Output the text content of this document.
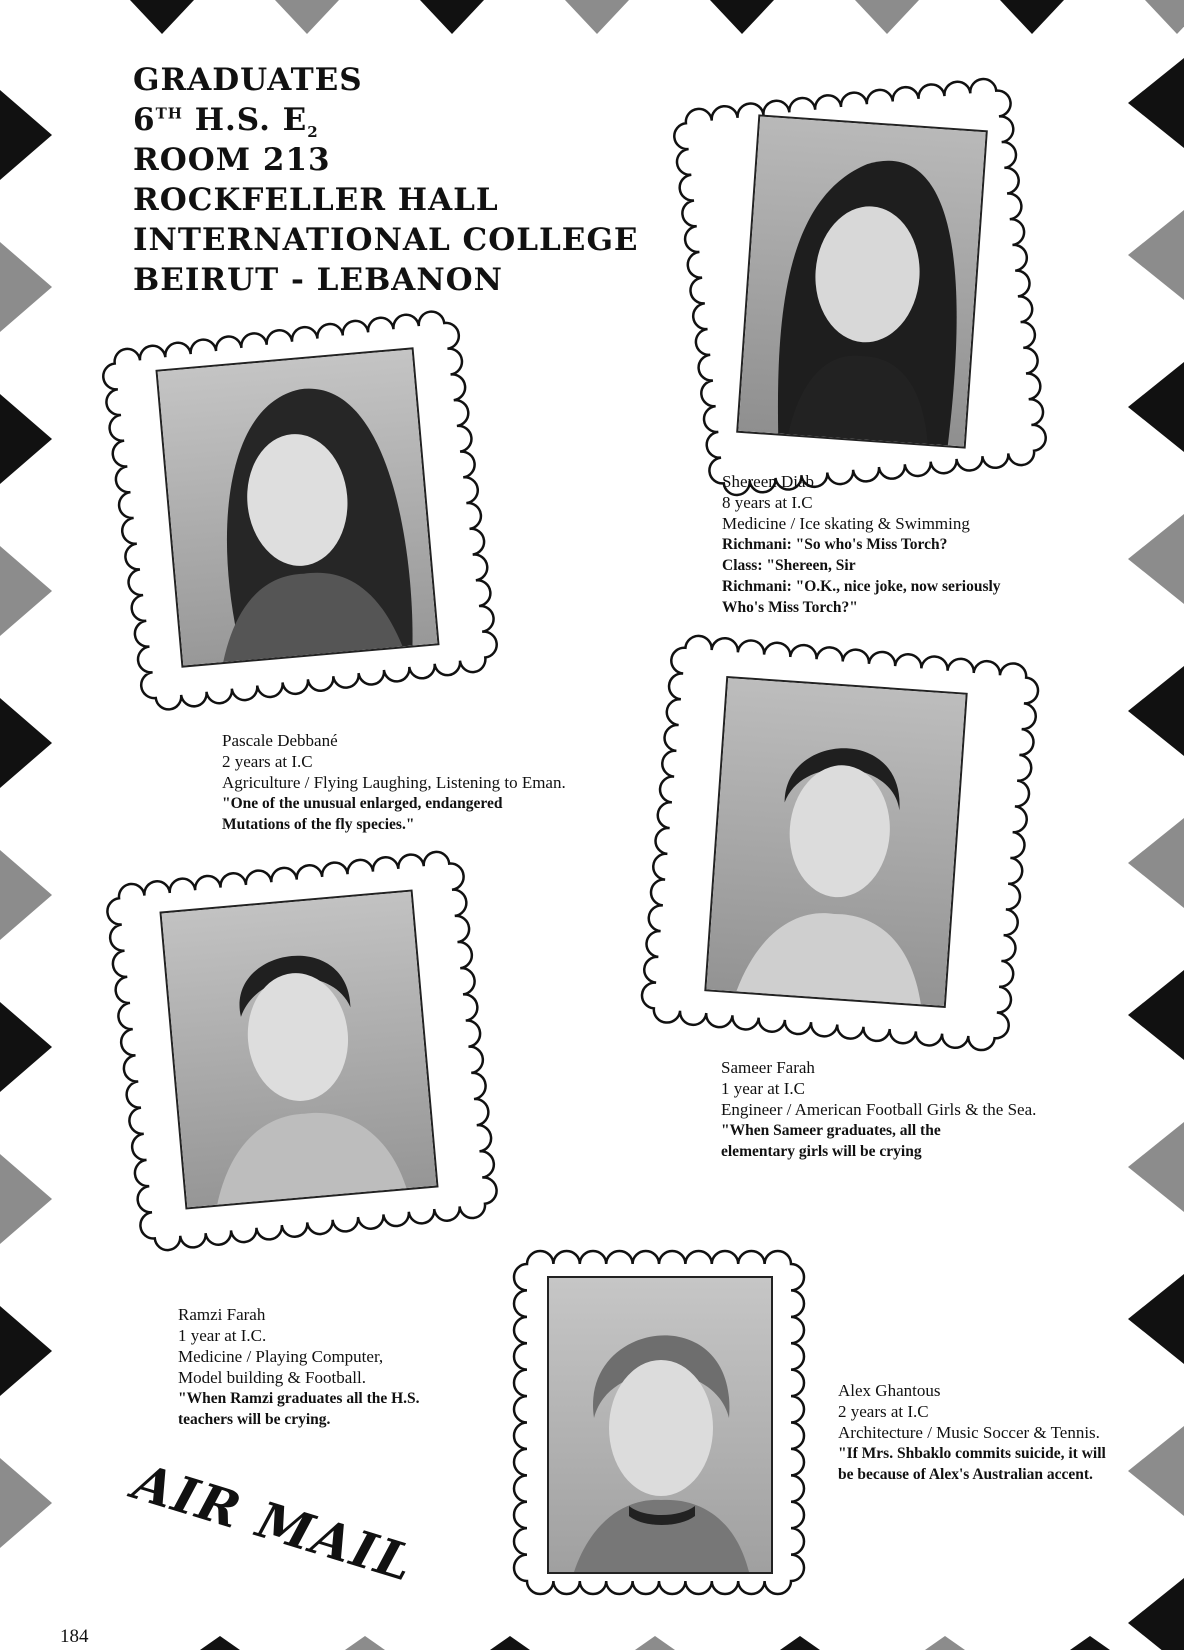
GRADUATES
6TH H.S. $E_2$
ROOM 213
ROCKFELLER HALL
INTERNATIONAL COLLEGE
BEIRUT - LEBANON
Shereen Diab
8 years at I.C
Medicine / Ice skating & Swimming
Richmani: "So who's Miss Torch?
Class: "Shereen, Sir
Richmani: "O.K., nice joke, now seriously
Who's Miss Torch?"
Pascale Debbané
2 years at I.C
Agriculture / Flying Laughing, Listening to Eman.
"One of the unusual enlarged, endangered
Mutations of the fly species."
Sameer Farah
1 year at I.C
Engineer / American Football Girls & the Sea.
"When Sameer graduates, all the
elementary girls will be crying
Ramzi Farah
1 year at I.C.
Medicine / Playing Computer,
Model building & Football.
"When Ramzi graduates all the H.S.
teachers will be crying.
Alex Ghantous
2 years at I.C
Architecture / Music Soccer & Tennis.
"If Mrs. Shbaklo commits suicide, it will
be because of Alex's Australian accent.
AIR MAIL
184
